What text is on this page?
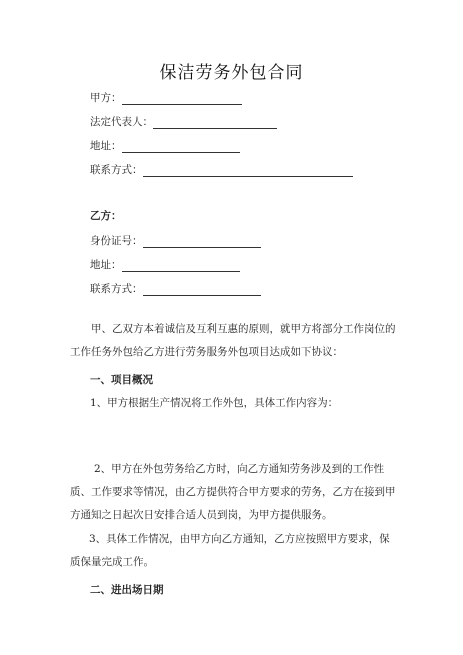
保洁劳务外包合同
甲方：
法定代表人：
地址：
联系方式：
乙方：
身份证号：
地址：
联系方式：
甲、乙双方本着诚信及互利互惠的原则，就甲方将部分工作岗位的工作任务外包给乙方进行劳务服务外包项目达成如下协议：
一、项目概况
1、甲方根据生产情况将工作外包，具体工作内容为：
2、甲方在外包劳务给乙方时，向乙方通知劳务涉及到的工作性质、工作要求等情况，由乙方提供符合甲方要求的劳务，乙方在接到甲方通知之日起次日安排合适人员到岗，为甲方提供服务。
3、具体工作情况，由甲方向乙方通知，乙方应按照甲方要求，保质保量完成工作。
二、进出场日期
